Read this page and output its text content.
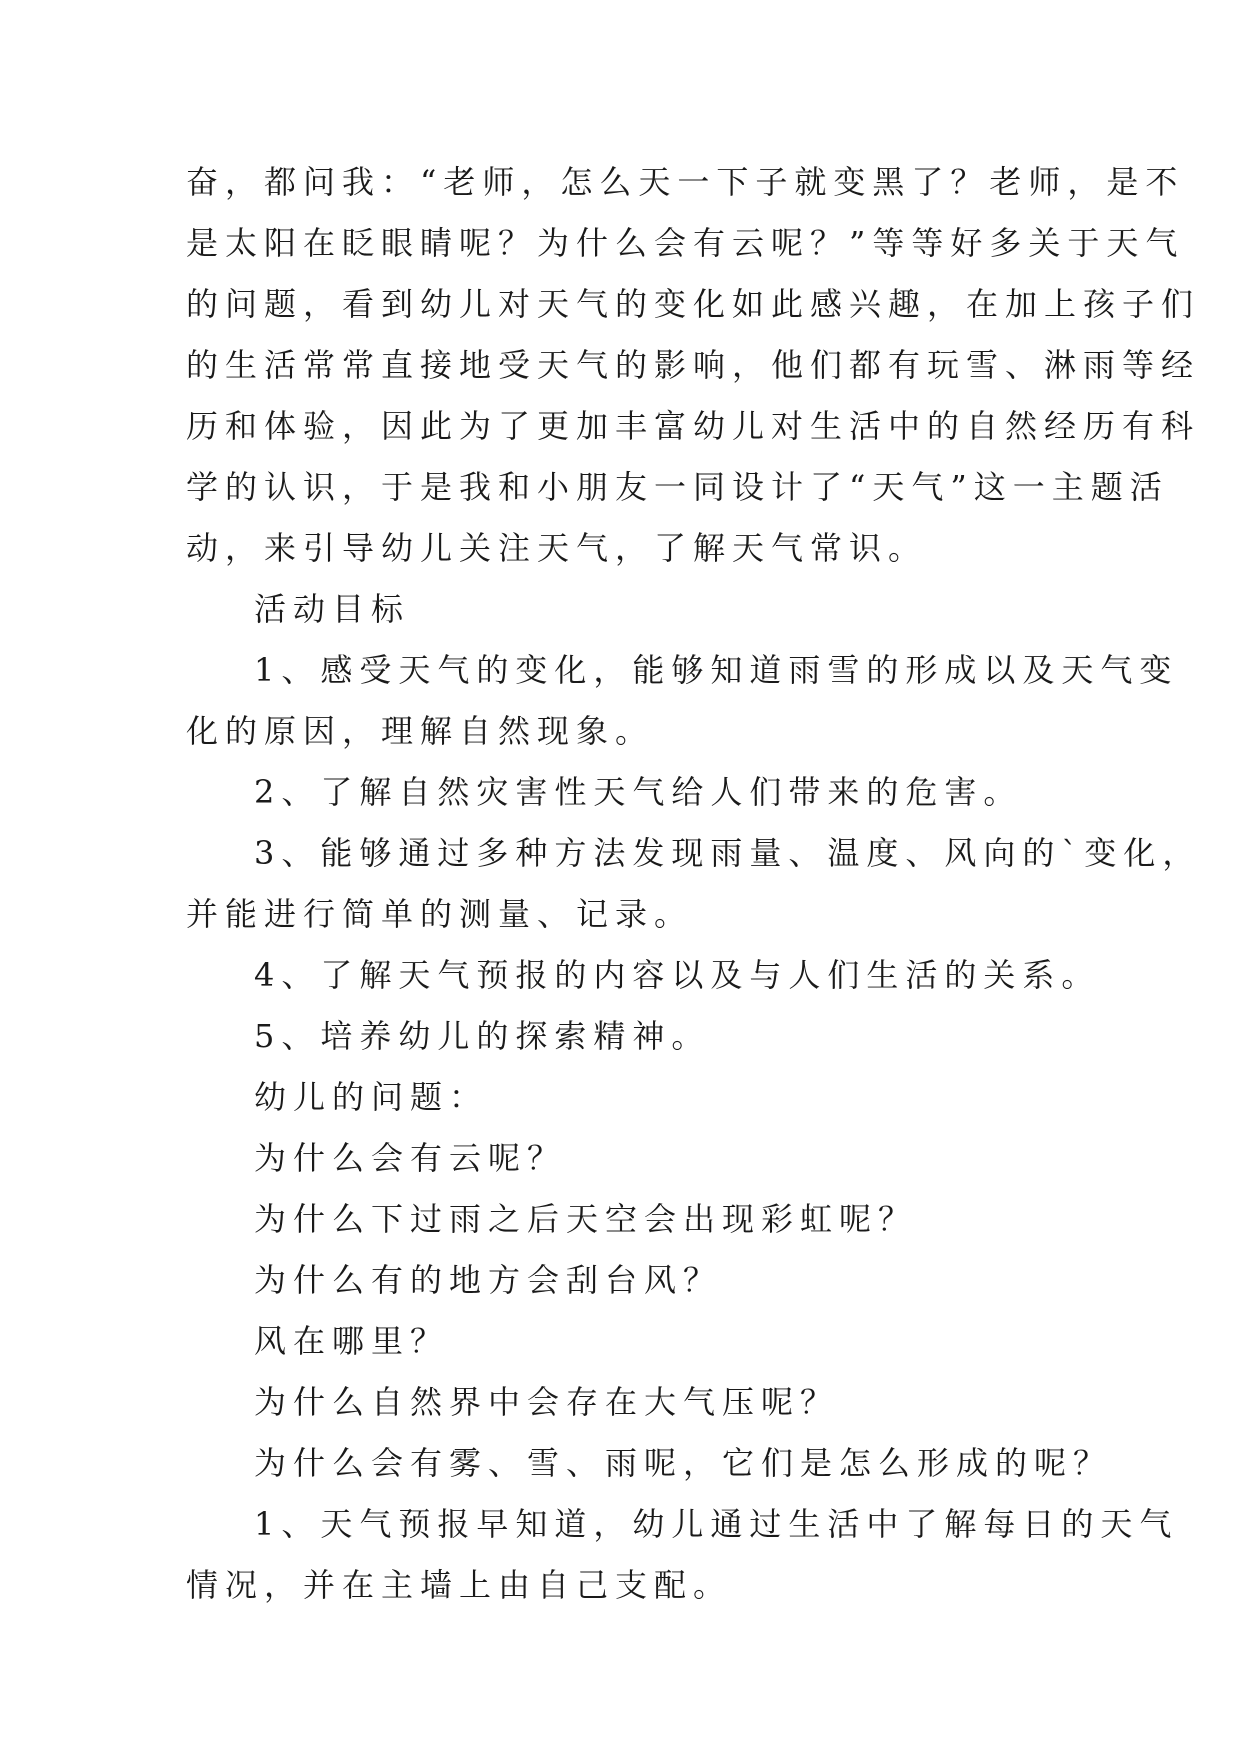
奋，都问我：“老师，怎么天一下子就变黑了？老师，是不
是太阳在眨眼睛呢？为什么会有云呢？”等等好多关于天气
的问题，看到幼儿对天气的变化如此感兴趣，在加上孩子们
的生活常常直接地受天气的影响，他们都有玩雪、淋雨等经
历和体验，因此为了更加丰富幼儿对生活中的自然经历有科
学的认识，于是我和小朋友一同设计了“天气”这一主题活
动，来引导幼儿关注天气，了解天气常识。
活动目标
1、感受天气的变化，能够知道雨雪的形成以及天气变
化的原因，理解自然现象。
2、了解自然灾害性天气给人们带来的危害。
3、能够通过多种方法发现雨量、温度、风向的`变化，
并能进行简单的测量、记录。
4、了解天气预报的内容以及与人们生活的关系。
5、培养幼儿的探索精神。
幼儿的问题：
为什么会有云呢？
为什么下过雨之后天空会出现彩虹呢？
为什么有的地方会刮台风？
风在哪里？
为什么自然界中会存在大气压呢？
为什么会有雾、雪、雨呢，它们是怎么形成的呢？
1、天气预报早知道，幼儿通过生活中了解每日的天气
情况，并在主墙上由自己支配。
